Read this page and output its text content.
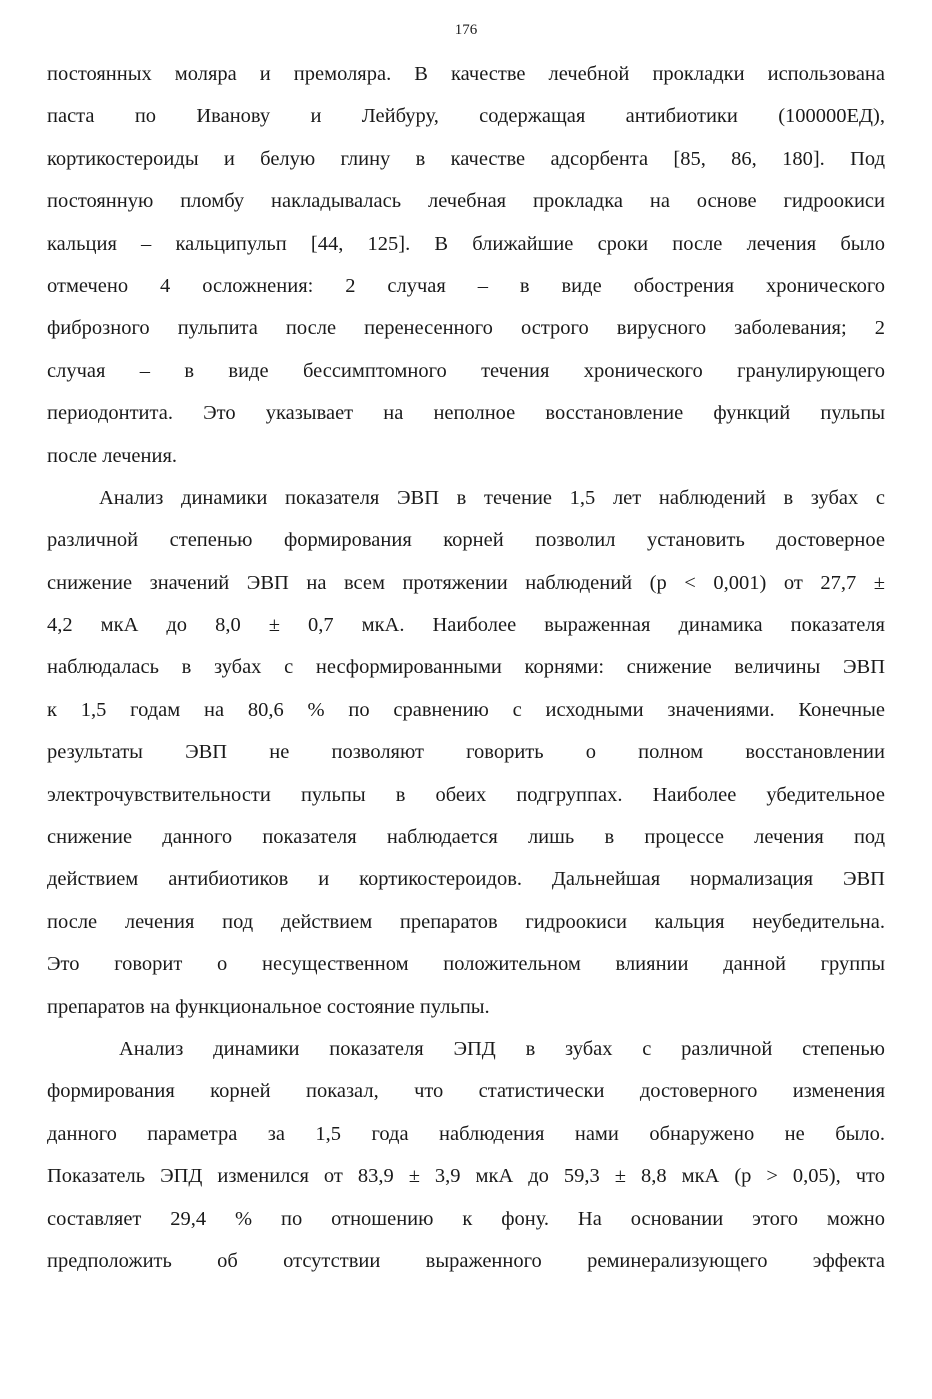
176
постоянных моляра и премоляра. В качестве лечебной прокладки использована
паста по Иванову и Лейбуру, содержащая антибиотики (100000ЕД),
кортикостероиды и белую глину в качестве адсорбента [85, 86, 180]. Под
постоянную пломбу накладывалась лечебная прокладка на основе гидроокиси
кальция – кальципульп [44, 125]. В ближайшие сроки после лечения было
отмечено 4 осложнения: 2 случая – в виде обострения хронического
фиброзного пульпита после перенесенного острого вирусного заболевания; 2
случая – в виде бессимптомного течения хронического гранулирующего
периодонтита. Это указывает на неполное восстановление функций пульпы
после лечения.
Анализ динамики показателя ЭВП в течение 1,5 лет наблюдений в зубах с
различной степенью формирования корней позволил установить достоверное
снижение значений ЭВП на всем протяжении наблюдений (p < 0,001) от 27,7 ±
4,2 мкА до 8,0 ± 0,7 мкА. Наиболее выраженная динамика показателя
наблюдалась в зубах с несформированными корнями: снижение величины ЭВП
к 1,5 годам на 80,6 % по сравнению с исходными значениями. Конечные
результаты ЭВП не позволяют говорить о полном восстановлении
электрочувствительности пульпы в обеих подгруппах. Наиболее убедительное
снижение данного показателя наблюдается лишь в процессе лечения под
действием антибиотиков и кортикостероидов. Дальнейшая нормализация ЭВП
после лечения под действием препаратов гидроокиси кальция неубедительна.
Это говорит о несущественном положительном влиянии данной группы
препаратов на функциональное состояние пульпы.
Анализ динамики показателя ЭПД в зубах с различной степенью
формирования корней показал, что статистически достоверного изменения
данного параметра за 1,5 года наблюдения нами обнаружено не было.
Показатель ЭПД изменился от 83,9 ± 3,9 мкА до 59,3 ± 8,8 мкА (р > 0,05), что
составляет 29,4 % по отношению к фону. На основании этого можно
предположить об отсутствии выраженного реминерализующего эффекта
